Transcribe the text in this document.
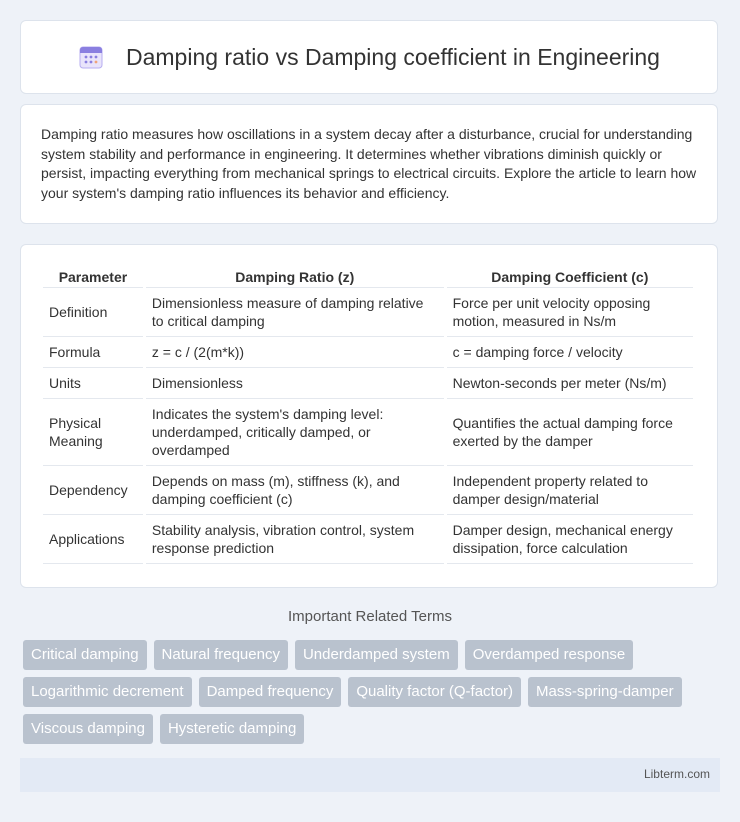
Damping ratio vs Damping coefficient in Engineering

Damping ratio measures how oscillations in a system decay after a disturbance, crucial for understanding system stability and performance in engineering. It determines whether vibrations diminish quickly or persist, impacting everything from mechanical springs to electrical circuits. Explore the article to learn how your system's damping ratio influences its behavior and efficiency.

Parameter	Damping Ratio (z)	Damping Coefficient (c)
Definition	Dimensionless measure of damping relative to critical damping	Force per unit velocity opposing motion, measured in Ns/m
Formula	z = c / (2(m*k))	c = damping force / velocity
Units	Dimensionless	Newton-seconds per meter (Ns/m)
Physical Meaning	Indicates the system's damping level: underdamped, critically damped, or overdamped	Quantifies the actual damping force exerted by the damper
Dependency	Depends on mass (m), stiffness (k), and damping coefficient (c)	Independent property related to damper design/material
Applications	Stability analysis, vibration control, system response prediction	Damper design, mechanical energy dissipation, force calculation
Important Related Terms
Critical damping	Natural frequency	Underdamped system	Overdamped response
Logarithmic decrement	Damped frequency	Quality factor (Q-factor)	Mass-spring-damper
Viscous damping	Hysteretic damping
Libterm.com
